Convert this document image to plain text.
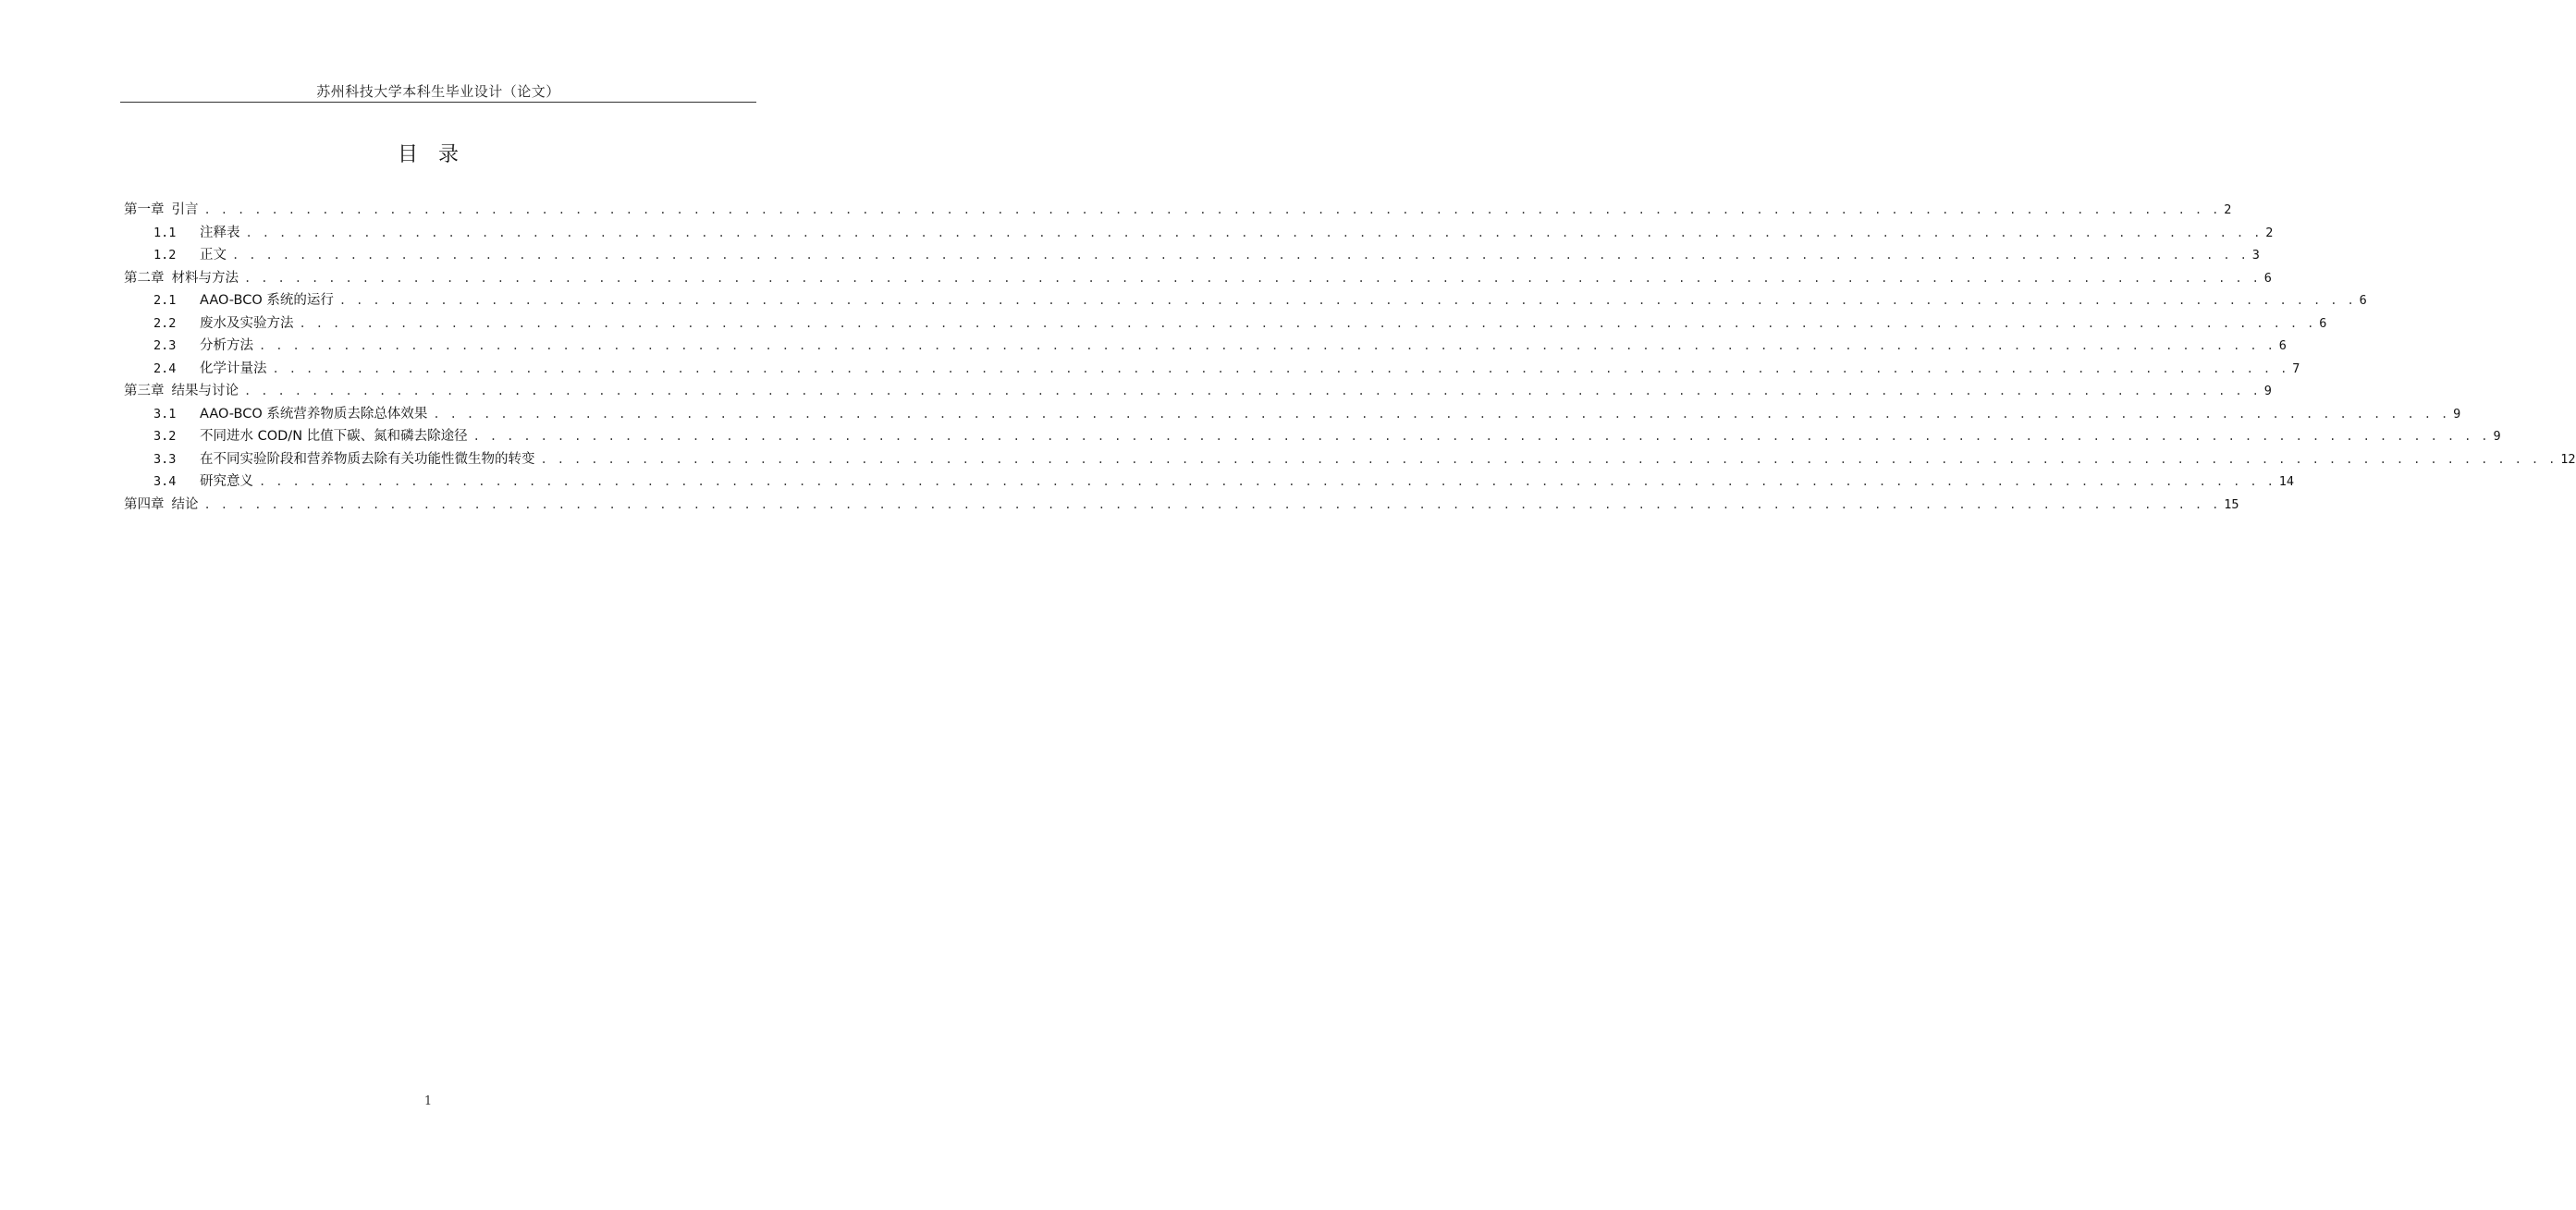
苏州科技大学本科生毕业设计（论文）
目录
第一章 引言 . . . . . . . . . . . . . . . . . . . . . . . . . . . . . . . . . . . . . . . . . . . . . . . . . . . . . . . . . . . . . . . . . . . . . . . . . . . . . . . . . . . . . . . . . . . . . . . . . . . . . . . . . . . . . . . . . . . . . . . . 2
1.1	注释表 . . . . . . . . . . . . . . . . . . . . . . . . . . . . . . . . . . . . . . . . . . . . . . . . . . . . . . . . . . . . . . . . . . . . . . . . . . . . . . . . . . . . . . . . . . . . . . . . . . . . . . . . . . . . . . . . . . . . . . . . 2
1.2	正文 . . . . . . . . . . . . . . . . . . . . . . . . . . . . . . . . . . . . . . . . . . . . . . . . . . . . . . . . . . . . . . . . . . . . . . . . . . . . . . . . . . . . . . . . . . . . . . . . . . . . . . . . . . . . . . . . . . . . . . . . 3
第二章 材料与方法 . . . . . . . . . . . . . . . . . . . . . . . . . . . . . . . . . . . . . . . . . . . . . . . . . . . . . . . . . . . . . . . . . . . . . . . . . . . . . . . . . . . . . . . . . . . . . . . . . . . . . . . . . . . . . . . . . . . . . . . . 6
2.1	AAO-BCO 系统的运行 . . . . . . . . . . . . . . . . . . . . . . . . . . . . . . . . . . . . . . . . . . . . . . . . . . . . . . . . . . . . . . . . . . . . . . . . . . . . . . . . . . . . . . . . . . . . . . . . . . . . . . . . . . . . . . . . . . . . . . . . 6
2.2	废水及实验方法 . . . . . . . . . . . . . . . . . . . . . . . . . . . . . . . . . . . . . . . . . . . . . . . . . . . . . . . . . . . . . . . . . . . . . . . . . . . . . . . . . . . . . . . . . . . . . . . . . . . . . . . . . . . . . . . . . . . . . . . . 6
2.3	分析方法 . . . . . . . . . . . . . . . . . . . . . . . . . . . . . . . . . . . . . . . . . . . . . . . . . . . . . . . . . . . . . . . . . . . . . . . . . . . . . . . . . . . . . . . . . . . . . . . . . . . . . . . . . . . . . . . . . . . . . . . . 6
2.4	化学计量法 . . . . . . . . . . . . . . . . . . . . . . . . . . . . . . . . . . . . . . . . . . . . . . . . . . . . . . . . . . . . . . . . . . . . . . . . . . . . . . . . . . . . . . . . . . . . . . . . . . . . . . . . . . . . . . . . . . . . . . . . 7
第三章 结果与讨论 . . . . . . . . . . . . . . . . . . . . . . . . . . . . . . . . . . . . . . . . . . . . . . . . . . . . . . . . . . . . . . . . . . . . . . . . . . . . . . . . . . . . . . . . . . . . . . . . . . . . . . . . . . . . . . . . . . . . . . . . 9
3.1	AAO-BCO 系统营养物质去除总体效果 . . . . . . . . . . . . . . . . . . . . . . . . . . . . . . . . . . . . . . . . . . . . . . . . . . . . . . . . . . . . . . . . . . . . . . . . . . . . . . . . . . . . . . . . . . . . . . . . . . . . . . . . . . . . . . . . . . . . . . . . 9
3.2	不同进水 COD/N 比值下碳、氮和磷去除途径 . . . . . . . . . . . . . . . . . . . . . . . . . . . . . . . . . . . . . . . . . . . . . . . . . . . . . . . . . . . . . . . . . . . . . . . . . . . . . . . . . . . . . . . . . . . . . . . . . . . . . . . . . . . . . . . . . . . . . . . . 9
3.3	在不同实验阶段和营养物质去除有关功能性微生物的转变 . . . . . . . . . . . . . . . . . . . . . . . . . . . . . . . . . . . . . . . . . . . . . . . . . . . . . . . . . . . . . . . . . . . . . . . . . . . . . . . . . . . . . . . . . . . . . . . . . . . . . . . . . . . . . . . . . . . . . . . . 12
3.4	研究意义 . . . . . . . . . . . . . . . . . . . . . . . . . . . . . . . . . . . . . . . . . . . . . . . . . . . . . . . . . . . . . . . . . . . . . . . . . . . . . . . . . . . . . . . . . . . . . . . . . . . . . . . . . . . . . . . . . . . . . . . . 14
第四章 结论 . . . . . . . . . . . . . . . . . . . . . . . . . . . . . . . . . . . . . . . . . . . . . . . . . . . . . . . . . . . . . . . . . . . . . . . . . . . . . . . . . . . . . . . . . . . . . . . . . . . . . . . . . . . . . . . . . . . . . . . . 15
1
